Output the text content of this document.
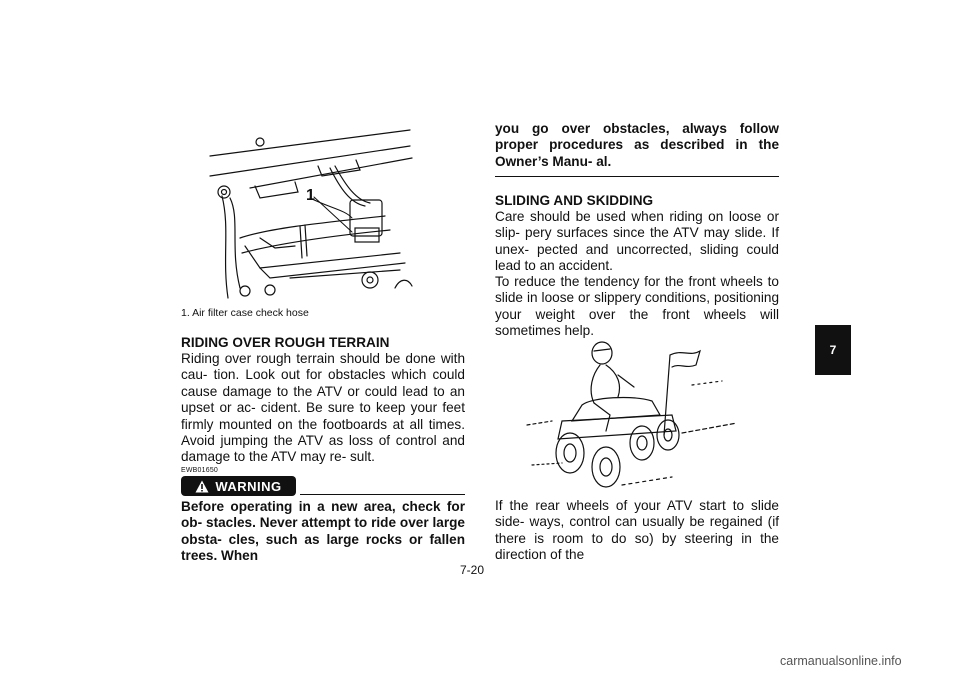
1
1. Air filter case check hose
RIDING OVER ROUGH TERRAIN

Riding over rough terrain should be done with cau- tion. Look out for obstacles which could cause damage to the ATV or could lead to an upset or ac- cident. Be sure to keep your feet firmly mounted on the footboards at all times. Avoid jumping the ATV as loss of control and damage to the ATV may re- sult.

EWB01650
WARNING

Before operating in a new area, check for ob- stacles. Never attempt to ride over large obsta- cles, such as large rocks or fallen trees. When

7-20

you go over obstacles, always follow proper procedures as described in the Owner’s Manu- al.

SLIDING AND SKIDDING

Care should be used when riding on loose or slip- pery surfaces since the ATV may slide. If unex- pected and uncorrected, sliding could lead to an accident.

To reduce the tendency for the front wheels to slide in loose or slippery conditions, positioning your weight over the front wheels will sometimes help.

If the rear wheels of your ATV start to slide side- ways, control can usually be regained (if there is room to do so) by steering in the direction of the

7
carmanualsonline.info
